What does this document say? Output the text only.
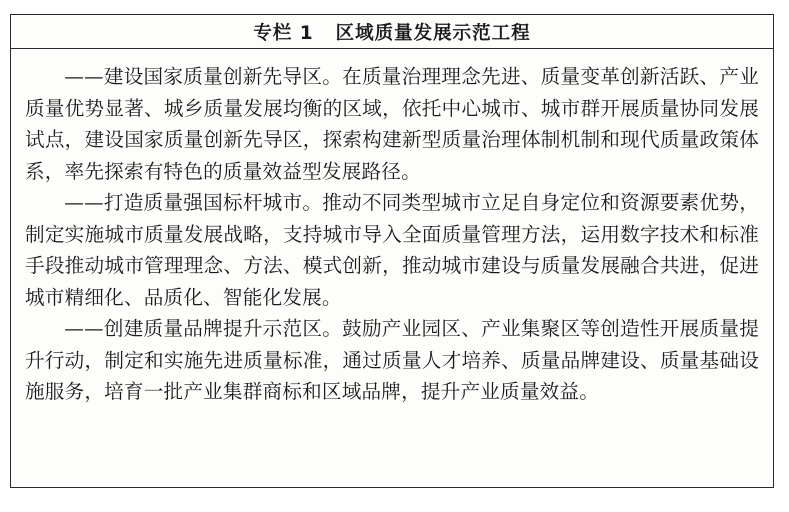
专栏 1 区域质量发展示范工程

——建设国家质量创新先导区。在质量治理理念先进、质量变革创新活跃、产业质量优势显著、城乡质量发展均衡的区域，依托中心城市、城市群开展质量协同发展试点，建设国家质量创新先导区，探索构建新型质量治理体制机制和现代质量政策体系，率先探索有特色的质量效益型发展路径。

——打造质量强国标杆城市。推动不同类型城市立足自身定位和资源要素优势，制定实施城市质量发展战略，支持城市导入全面质量管理方法，运用数字技术和标准手段推动城市管理理念、方法、模式创新，推动城市建设与质量发展融合共进，促进城市精细化、品质化、智能化发展。

——创建质量品牌提升示范区。鼓励产业园区、产业集聚区等创造性开展质量提升行动，制定和实施先进质量标准，通过质量人才培养、质量品牌建设、质量基础设施服务，培育一批产业集群商标和区域品牌，提升产业质量效益。
